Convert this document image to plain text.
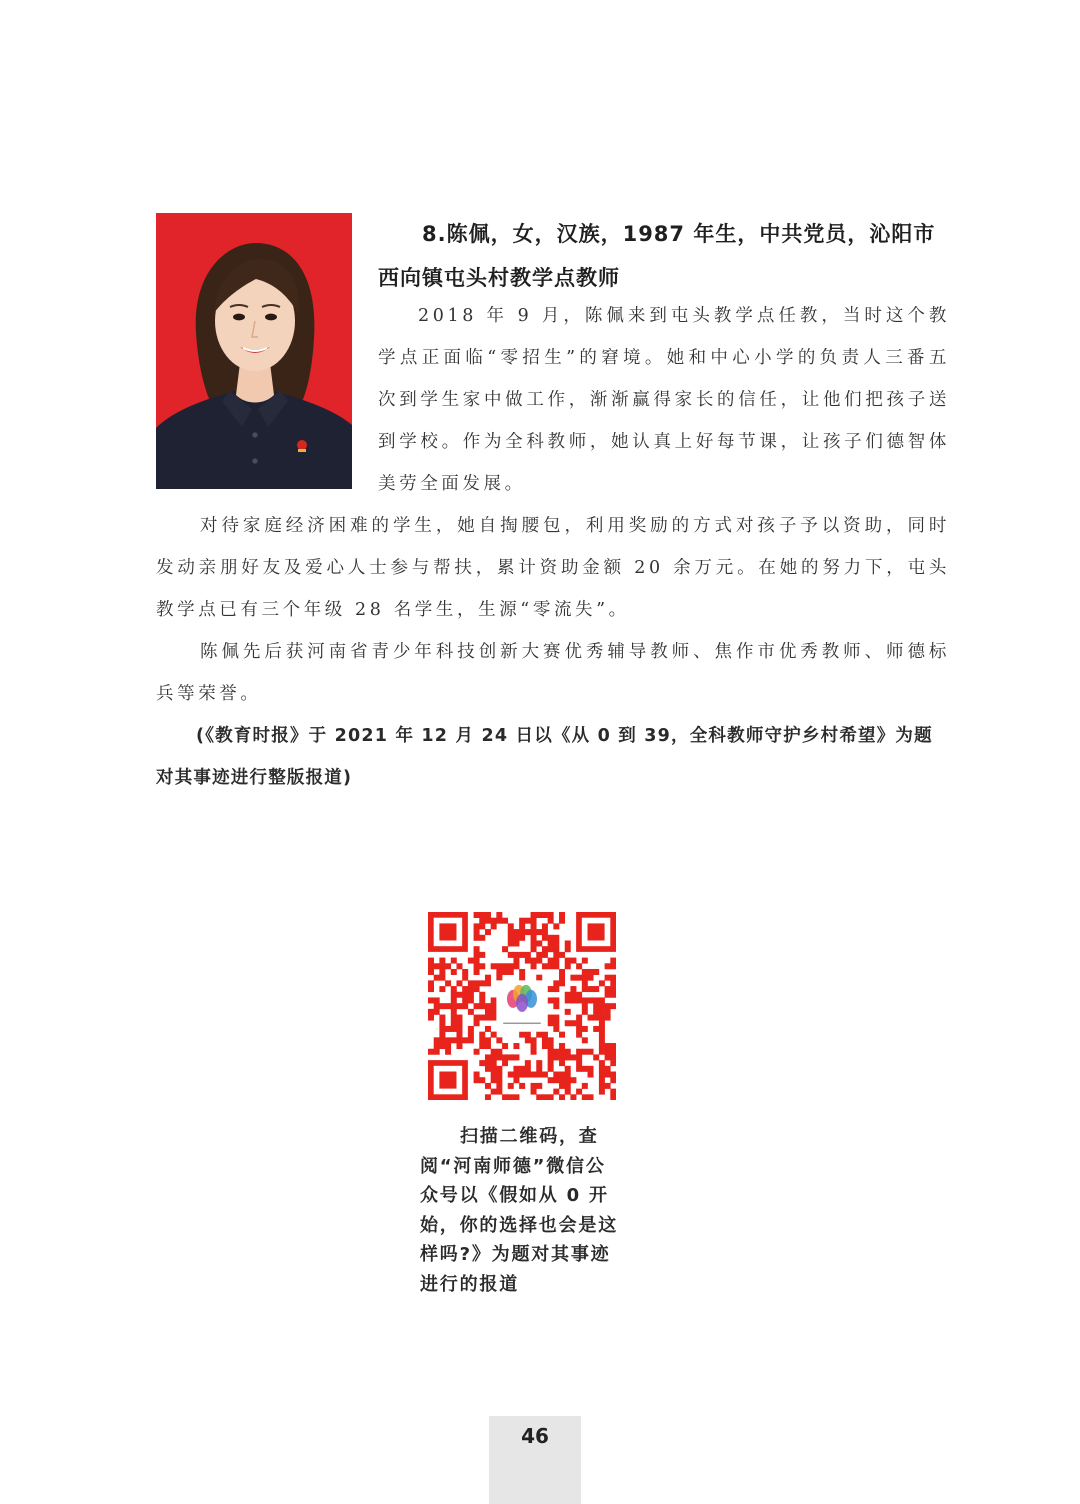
8.陈佩，女，汉族，1987 年生，中共党员，沁阳市
西向镇屯头村教学点教师

2018 年 9 月，陈佩来到屯头教学点任教，当时这个教学点正面临“零招生”的窘境。她和中心小学的负责人三番五次到学生家中做工作，渐渐赢得家长的信任，让他们把孩子送到学校。作为全科教师，她认真上好每节课，让孩子们德智体美劳全面发展。

对待家庭经济困难的学生，她自掏腰包，利用奖励的方式对孩子予以资助，同时发动亲朋好友及爱心人士参与帮扶，累计资助金额 20 余万元。在她的努力下，屯头教学点已有三个年级 28 名学生，生源“零流失”。

陈佩先后获河南省青少年科技创新大赛优秀辅导教师、焦作市优秀教师、师德标兵等荣誉。

(《教育时报》于 2021 年 12 月 24 日以《从 0 到 39，全科教师守护乡村希望》为题对其事迹进行整版报道)

扫描二维码，查阅“河南师德”微信公众号以《假如从 0 开始，你的选择也会是这样吗?》为题对其事迹进行的报道

46
